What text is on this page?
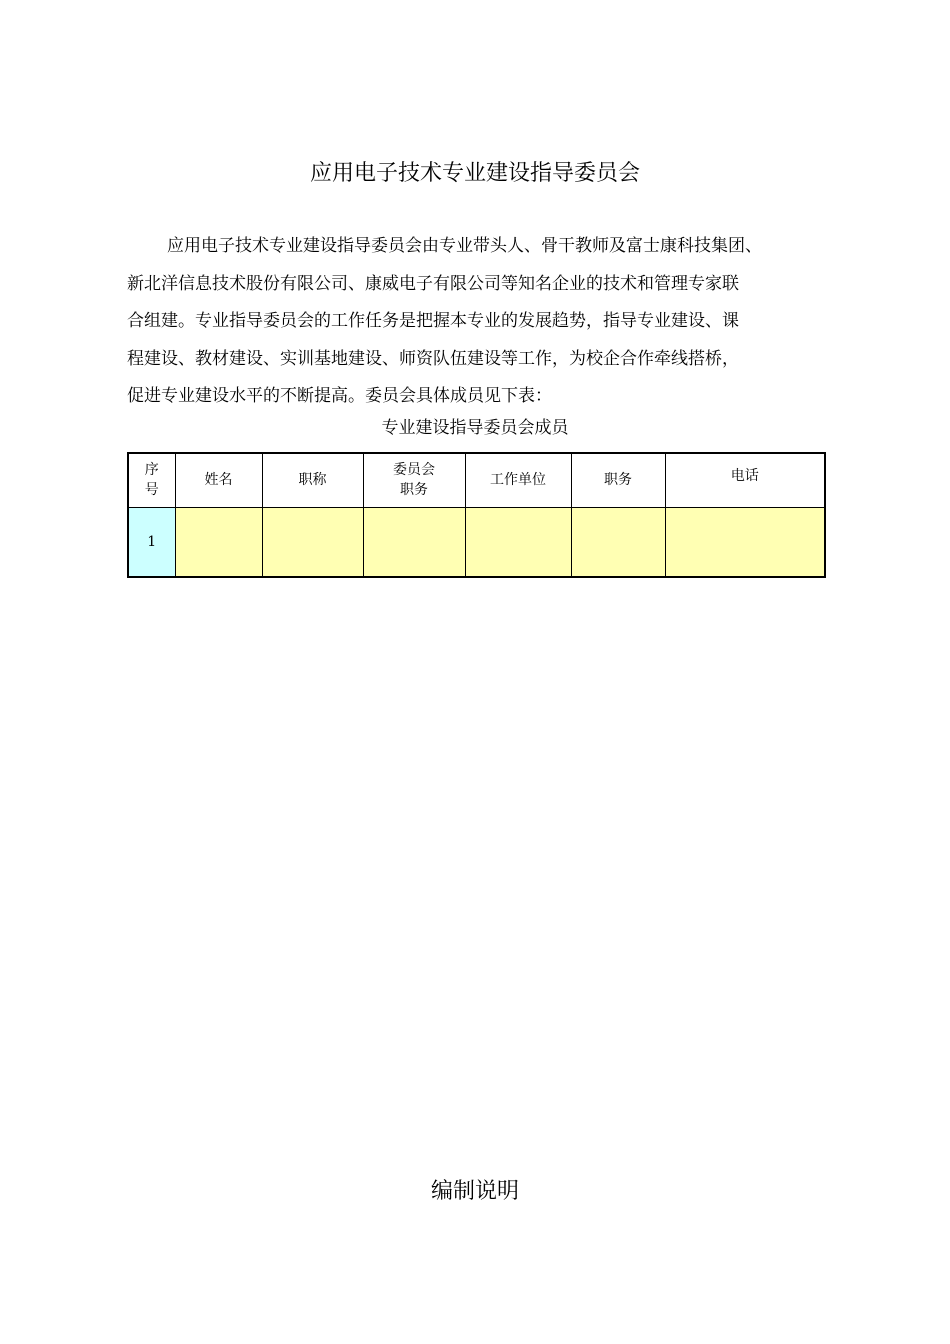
应用电子技术专业建设指导委员会
应用电子技术专业建设指导委员会由专业带头人、骨干教师及富士康科技集团、
新北洋信息技术股份有限公司、康威电子有限公司等知名企业的技术和管理专家联
合组建。专业指导委员会的工作任务是把握本专业的发展趋势，指导专业建设、课
程建设、教材建设、实训基地建设、师资队伍建设等工作，为校企合作牵线搭桥，
促进专业建设水平的不断提高。委员会具体成员见下表：
专业建设指导委员会成员
序号	姓名	职称	委员会职务	工作单位	职务	电话
1						
编制说明
